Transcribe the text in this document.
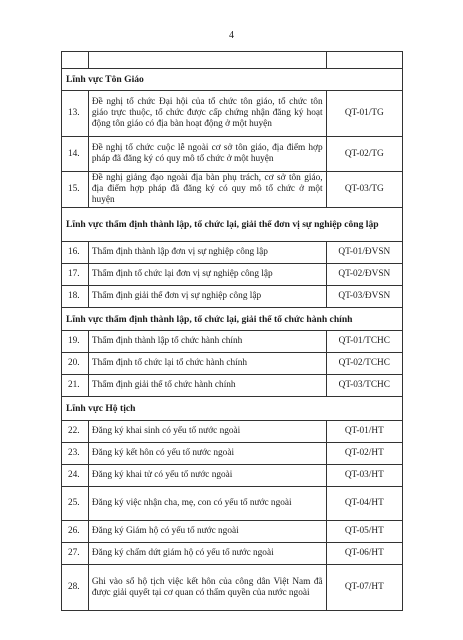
4

Lĩnh vực Tôn Giáo		
13.	Đề nghị tổ chức Đại hội của tổ chức tôn giáo, tổ chức tôn giáo trực thuộc, tổ chức được cấp chứng nhận đăng ký hoạt động tôn giáo có địa bàn hoạt động ở một huyện	QT-01/TG
14.	Đề nghị tổ chức cuộc lễ ngoài cơ sở tôn giáo, địa điểm hợp pháp đã đăng ký có quy mô tổ chức ở một huyện	QT-02/TG
15.	Đề nghị giảng đạo ngoài địa bàn phụ trách, cơ sở tôn giáo, địa điểm hợp pháp đã đăng ký có quy mô tổ chức ở một huyện	QT-03/TG
Lĩnh vực thẩm định thành lập, tổ chức lại, giải thể đơn vị sự nghiệp công lập		
16.	Thẩm định thành lập đơn vị sự nghiệp công lập	QT-01/ĐVSN
17.	Thẩm định tổ chức lại đơn vị sự nghiệp công lập	QT-02/ĐVSN
18.	Thẩm định giải thể đơn vị sự nghiệp công lập	QT-03/ĐVSN
Lĩnh vực thẩm định thành lập, tổ chức lại, giải thể tổ chức hành chính		
19.	Thẩm định thành lập tổ chức hành chính	QT-01/TCHC
20.	Thẩm định tổ chức lại tổ chức hành chính	QT-02/TCHC
21.	Thẩm định giải thể tổ chức hành chính	QT-03/TCHC
Lĩnh vực Hộ tịch		
22.	Đăng ký khai sinh có yếu tố nước ngoài	QT-01/HT
23.	Đăng ký kết hôn có yếu tố nước ngoài	QT-02/HT
24.	Đăng ký khai tử có yếu tố nước ngoài	QT-03/HT
25.	Đăng ký việc nhận cha, mẹ, con có yếu tố nước ngoài	QT-04/HT
26.	Đăng ký Giám hộ có yếu tố nước ngoài	QT-05/HT
27.	Đăng ký chấm dứt giám hộ có yếu tố nước ngoài	QT-06/HT
28.	Ghi vào sổ hộ tịch việc kết hôn của công dân Việt Nam đã được giải quyết tại cơ quan có thẩm quyền của nước ngoài	QT-07/HT
